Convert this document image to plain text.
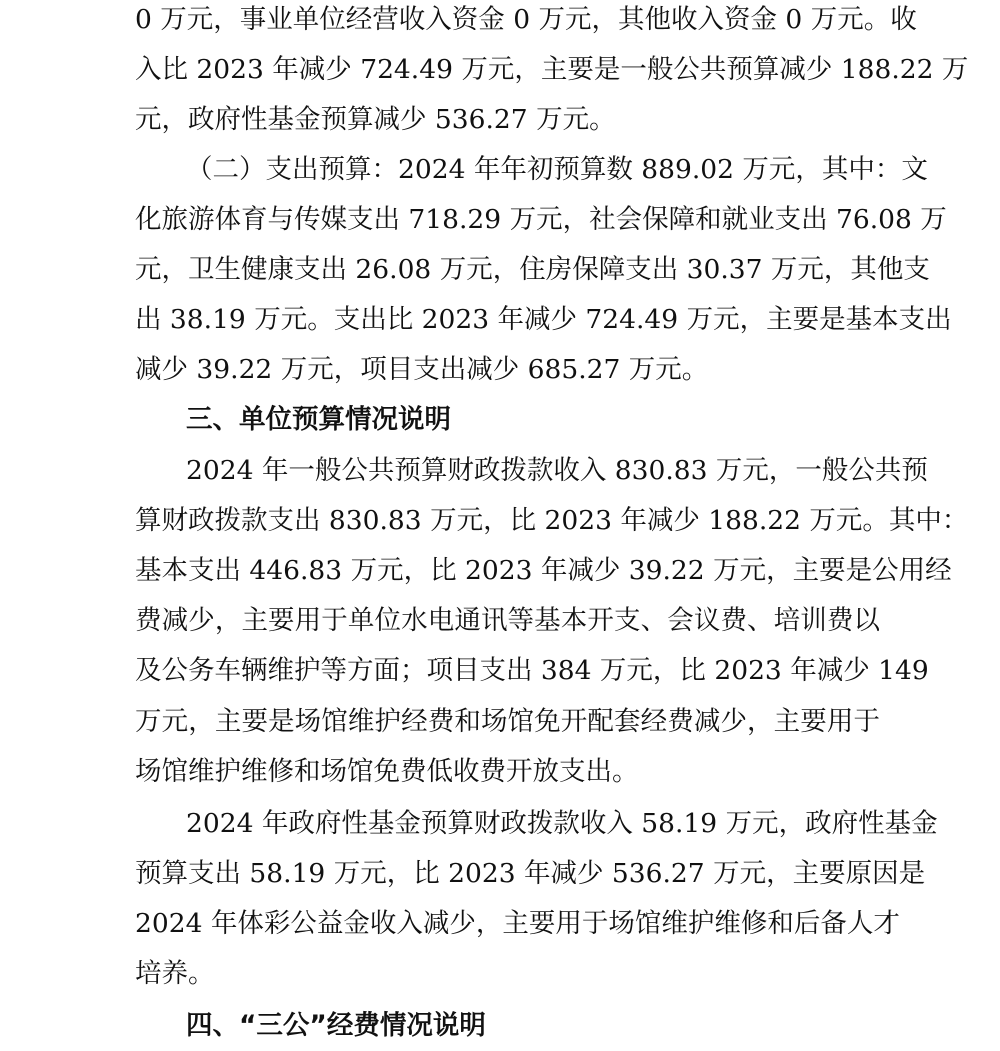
0 万元，事业单位经营收入资金 0 万元，其他收入资金 0 万元。收
入比 2023 年减少 724.49 万元，主要是一般公共预算减少 188.22 万
元，政府性基金预算减少 536.27 万元。
（二）支出预算：2024 年年初预算数 889.02 万元，其中：文
化旅游体育与传媒支出 718.29 万元，社会保障和就业支出 76.08 万
元，卫生健康支出 26.08 万元，住房保障支出 30.37 万元，其他支
出 38.19 万元。支出比 2023 年减少 724.49 万元，主要是基本支出
减少 39.22 万元，项目支出减少 685.27 万元。
三、单位预算情况说明
2024 年一般公共预算财政拨款收入 830.83 万元，一般公共预
算财政拨款支出 830.83 万元，比 2023 年减少 188.22 万元。其中：
基本支出 446.83 万元，比 2023 年减少 39.22 万元，主要是公用经
费减少，主要用于单位水电通讯等基本开支、会议费、培训费以
及公务车辆维护等方面；项目支出 384 万元，比 2023 年减少 149
万元，主要是场馆维护经费和场馆免开配套经费减少，主要用于
场馆维护维修和场馆免费低收费开放支出。
2024 年政府性基金预算财政拨款收入 58.19 万元，政府性基金
预算支出 58.19 万元，比 2023 年减少 536.27 万元，主要原因是
2024 年体彩公益金收入减少，主要用于场馆维护维修和后备人才
培养。
四、“三公”经费情况说明
